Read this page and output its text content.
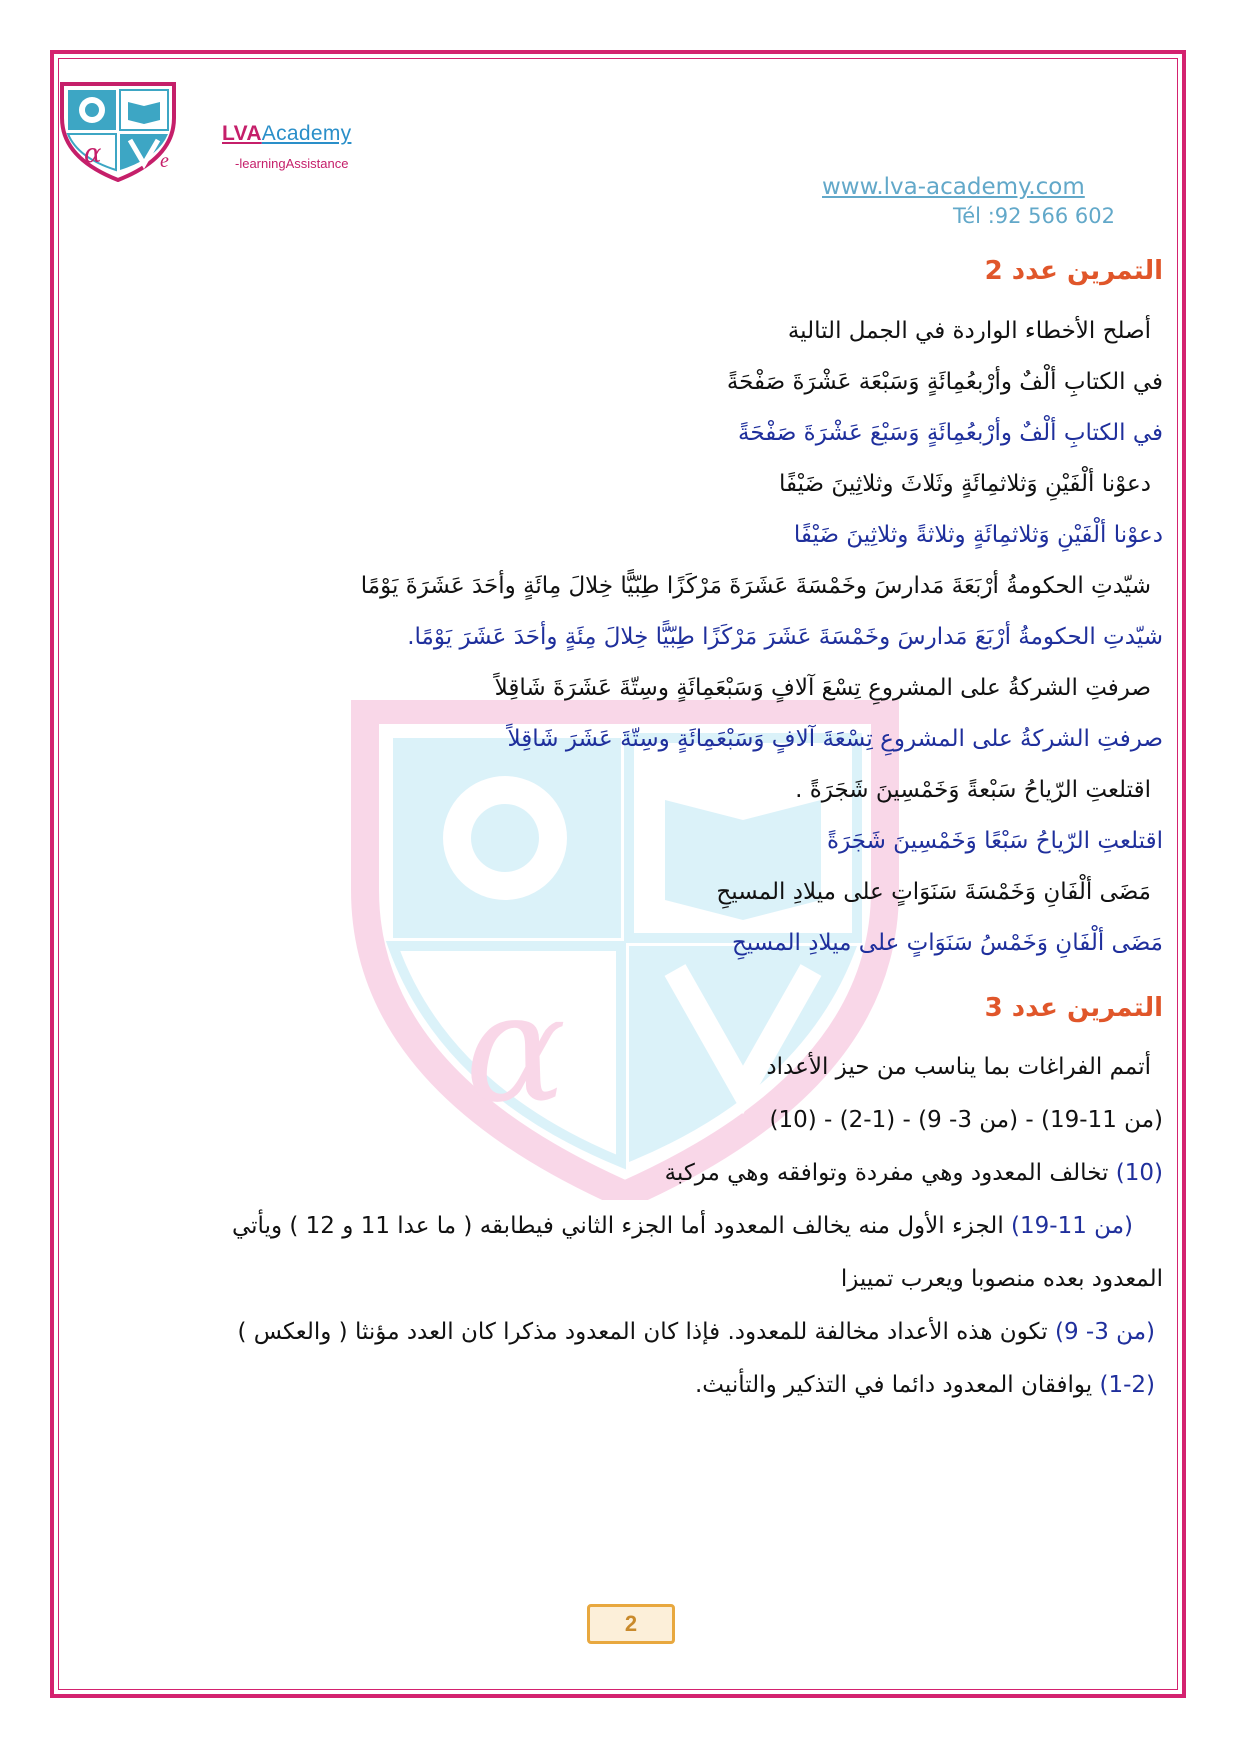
α	e
LVAAcademy
-learningAssistance
www.lva-academy.com
Tél :92 566 602
α
التمرين عدد 2
أصلح الأخطاء الواردة في الجمل التالية
في الكتابِ ألْفٌ وأرْبعُمِائَةٍ وَسَبْعَة عَشْرَةَ صَفْحَةً
في الكتابِ ألْفٌ وأرْبعُمِائَةٍ وَسَبْعَ عَشْرَةَ صَفْحَةً
دعوْنا ألْفَيْنِ وَثلاثمِائَةٍ وثَلاثَ وثلاثِينَ ضَيْفًا
دعوْنا ألْفَيْنِ وَثلاثمِائَةٍ وثلاثةً وثلاثِينَ ضَيْفًا
شيّدتِ الحكومةُ أرْبَعَةَ مَدارسَ وخَمْسَةَ عَشَرَةَ مَرْكَزًا طِبّيًّا خِلالَ مِائَةٍ وأحَدَ عَشَرَةَ يَوْمًا
شيّدتِ الحكومةُ أرْبَعَ مَدارسَ وخَمْسَةَ عَشَرَ مَرْكَزًا طِبّيًّا خِلالَ مِئَةٍ وأحَدَ عَشَرَ يَوْمًا.
صرفتِ الشركةُ على المشروعِ تِسْعَ آلافٍ وَسَبْعَمِائَةٍ وسِتّةَ عَشَرَةَ شَاقِلاً
صرفتِ الشركةُ على المشروعِ تِسْعَةَ آلافٍ وَسَبْعَمِائَةٍ وسِتّةَ عَشَرَ شَاقِلاً
اقتلعتِ الرّياحُ سَبْعةً وَخَمْسِينَ شَجَرَةً .
اقتلعتِ الرّياحُ سَبْعًا وَخَمْسِينَ شَجَرَةً
مَضَى ألْفَانِ وَخَمْسَةَ سَنَوَاتٍ على ميلادِ المسيحِ
مَضَى ألْفَانِ وَخَمْسُ سَنَوَاتٍ على ميلادِ المسيحِ
التمرين عدد 3
أتمم الفراغات بما يناسب من حيز الأعداد
(من 11-19) - (من 3- 9) - (1-2) - (10)
(10) تخالف المعدود وهي مفردة وتوافقه وهي مركبة
(من 11-19) الجزء الأول منه يخالف المعدود أما الجزء الثاني فيطابقه ( ما عدا 11 و 12 ) ويأتي
المعدود بعده منصوبا ويعرب تمييزا
(من 3- 9) تكون هذه الأعداد مخالفة للمعدود. فإذا كان المعدود مذكرا كان العدد مؤنثا ( والعكس )
(1-2) يوافقان المعدود دائما في التذكير والتأنيث.
2
